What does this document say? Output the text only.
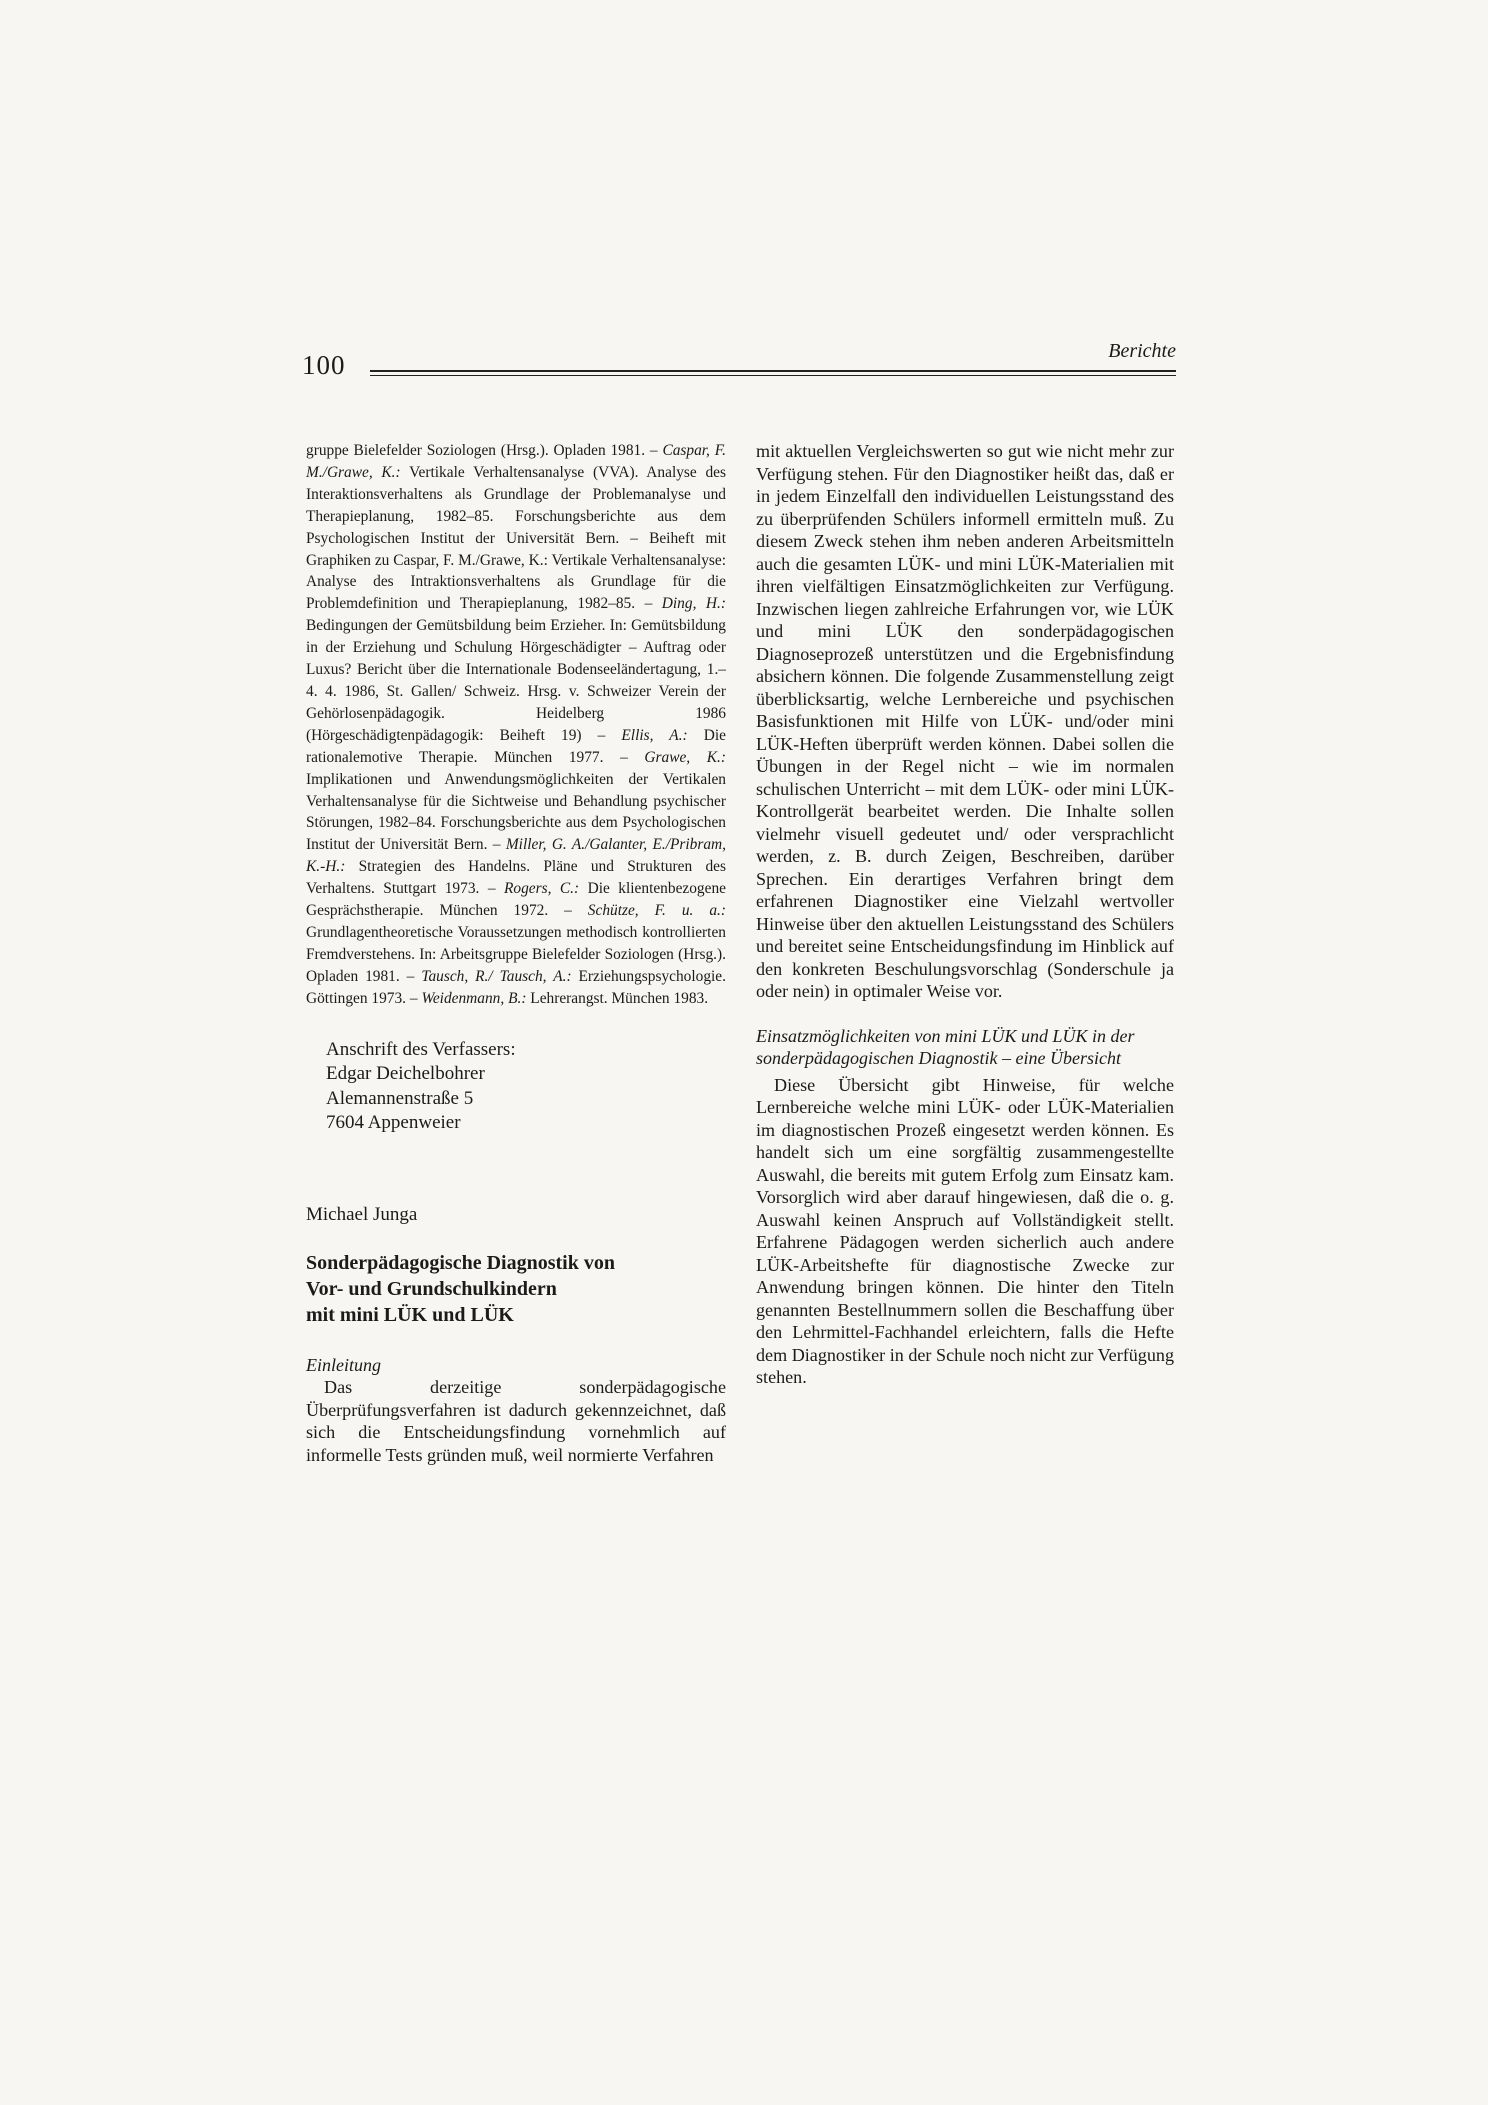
100	Berichte

gruppe Bielefelder Soziologen (Hrsg.). Opladen 1981. – Caspar, F. M./Grawe, K.: Vertikale Verhaltensanalyse (VVA). Analyse des Interaktionsverhaltens als Grundlage der Problemanalyse und Therapieplanung, 1982–85. Forschungsberichte aus dem Psychologischen Institut der Universität Bern. – Beiheft mit Graphiken zu Caspar, F. M./Grawe, K.: Vertikale Verhaltensanalyse: Analyse des Intraktionsverhaltens als Grundlage für die Problemdefinition und Therapieplanung, 1982–85. – Ding, H.: Bedingungen der Gemütsbildung beim Erzieher. In: Gemütsbildung in der Erziehung und Schulung Hörgeschädigter – Auftrag oder Luxus? Bericht über die Internationale Bodenseeländertagung, 1.–4. 4. 1986, St. Gallen/ Schweiz. Hrsg. v. Schweizer Verein der Gehörlosenpädagogik. Heidelberg 1986 (Hörgeschädigtenpädagogik: Beiheft 19) – Ellis, A.: Die rationalemotive Therapie. München 1977. – Grawe, K.: Implikationen und Anwendungsmöglichkeiten der Vertikalen Verhaltensanalyse für die Sichtweise und Behandlung psychischer Störungen, 1982–84. Forschungsberichte aus dem Psychologischen Institut der Universität Bern. – Miller, G. A./Galanter, E./Pribram, K.-H.: Strategien des Handelns. Pläne und Strukturen des Verhaltens. Stuttgart 1973. – Rogers, C.: Die klientenbezogene Gesprächstherapie. München 1972. – Schütze, F. u. a.: Grundlagentheoretische Voraussetzungen methodisch kontrollierten Fremdverstehens. In: Arbeitsgruppe Bielefelder Soziologen (Hrsg.). Opladen 1981. – Tausch, R./ Tausch, A.: Erziehungspsychologie. Göttingen 1973. – Weidenmann, B.: Lehrerangst. München 1983.

Anschrift des Verfassers:
Edgar Deichelbohrer
Alemannenstraße 5
7604 Appenweier
Michael Junga
Sonderpädagogische Diagnostik von
Vor- und Grundschulkindern
mit mini LÜK und LÜK
Einleitung

Das derzeitige sonderpädagogische Überprüfungsverfahren ist dadurch gekennzeichnet, daß sich die Entscheidungsfindung vornehmlich auf informelle Tests gründen muß, weil normierte Verfahren

mit aktuellen Vergleichswerten so gut wie nicht mehr zur Verfügung stehen. Für den Diagnostiker heißt das, daß er in jedem Einzelfall den individuellen Leistungsstand des zu überprüfenden Schülers informell ermitteln muß. Zu diesem Zweck stehen ihm neben anderen Arbeitsmitteln auch die gesamten LÜK- und mini LÜK-Materialien mit ihren vielfältigen Einsatzmöglichkeiten zur Verfügung. Inzwischen liegen zahlreiche Erfahrungen vor, wie LÜK und mini LÜK den sonderpädagogischen Diagnoseprozeß unterstützen und die Ergebnisfindung absichern können. Die folgende Zusammenstellung zeigt überblicksartig, welche Lernbereiche und psychischen Basisfunktionen mit Hilfe von LÜK- und/oder mini LÜK-Heften überprüft werden können. Dabei sollen die Übungen in der Regel nicht – wie im normalen schulischen Unterricht – mit dem LÜK- oder mini LÜK-Kontrollgerät bearbeitet werden. Die Inhalte sollen vielmehr visuell gedeutet und/ oder versprachlicht werden, z. B. durch Zeigen, Beschreiben, darüber Sprechen. Ein derartiges Verfahren bringt dem erfahrenen Diagnostiker eine Vielzahl wertvoller Hinweise über den aktuellen Leistungsstand des Schülers und bereitet seine Entscheidungsfindung im Hinblick auf den konkreten Beschulungsvorschlag (Sonderschule ja oder nein) in optimaler Weise vor.

Einsatzmöglichkeiten von mini LÜK und LÜK in der sonderpädagogischen Diagnostik – eine Übersicht

Diese Übersicht gibt Hinweise, für welche Lernbereiche welche mini LÜK- oder LÜK-Materialien im diagnostischen Prozeß eingesetzt werden können. Es handelt sich um eine sorgfältig zusammengestellte Auswahl, die bereits mit gutem Erfolg zum Einsatz kam. Vorsorglich wird aber darauf hingewiesen, daß die o. g. Auswahl keinen Anspruch auf Vollständigkeit stellt. Erfahrene Pädagogen werden sicherlich auch andere LÜK-Arbeitshefte für diagnostische Zwecke zur Anwendung bringen können. Die hinter den Titeln genannten Bestellnummern sollen die Beschaffung über den Lehrmittel-Fachhandel erleichtern, falls die Hefte dem Diagnostiker in der Schule noch nicht zur Verfügung stehen.
